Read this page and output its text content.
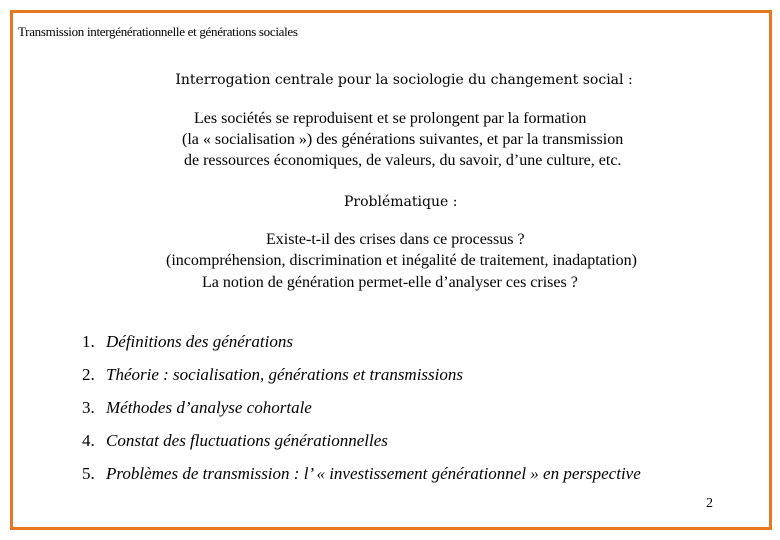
Transmission intergénérationnelle et générations sociales
Interrogation centrale pour la sociologie du changement social :
Les sociétés se reproduisent et se prolongent par la formation
(la « socialisation ») des générations suivantes, et par la transmission
de ressources économiques, de valeurs, du savoir, d’une culture, etc.
Problématique :
Existe-t-il des crises dans ce processus ?
(incompréhension, discrimination et inégalité de traitement, inadaptation)
La notion de génération permet-elle d’analyser ces crises ?
1. Définitions des générations
2. Théorie : socialisation, générations et transmissions
3. Méthodes d’analyse cohortale
4. Constat des fluctuations générationnelles
5. Problèmes de transmission : l’ « investissement générationnel » en perspective
2
